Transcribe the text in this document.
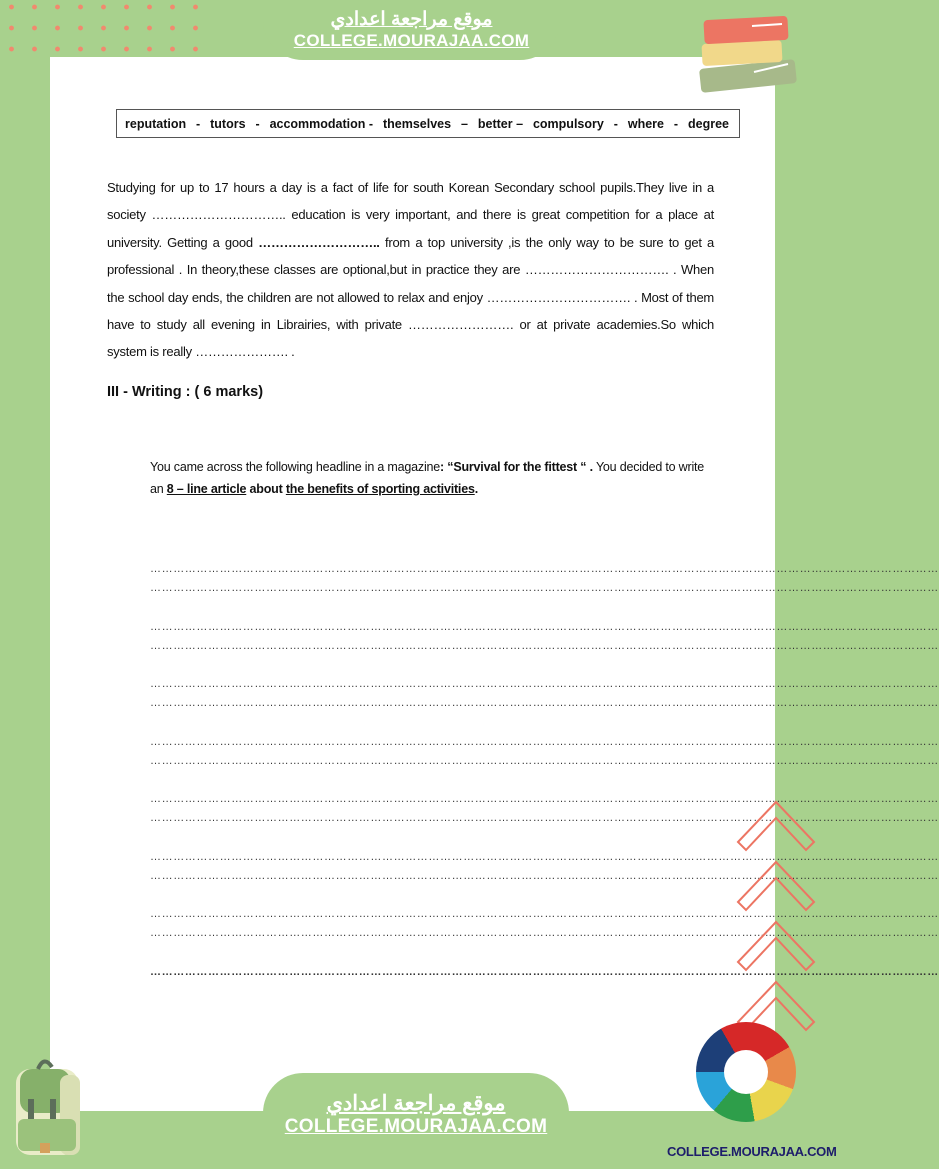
موقع مراجعة اعدادي
COLLEGE.MOURAJAA.COM
reputation - tutors - accommodation - themselves – better – compulsory - where - degree

Studying for up to 17 hours a day is a fact of life for south Korean Secondary school pupils.They live in a society ………………………….. education is very important, and there is great competition for a place at university. Getting a good ……………………….. from a top university ,is the only way to be sure to get a professional . In theory,these classes are optional,but in practice they are ……………………………. . When the school day ends, the children are not allowed to relax and enjoy ……………………………. . Most of them have to study all evening in Librairies, with private ……………………. or at private academies.So which system is really …………………. .

III - Writing : ( 6 marks)

You came across the following headline in a magazine: “Survival for the fittest “ . You decided to write an 8 – line article about the benefits of sporting activities.

……………………………………………………………………………………………………………………………………………………………………………………
……………………………………………………………………………………………………………………………………………………………………………………
……………………………………………………………………………………………………………………………………………………………………………………
……………………………………………………………………………………………………………………………………………………………………………………
……………………………………………………………………………………………………………………………………………………………………………………
……………………………………………………………………………………………………………………………………………………………………………………
……………………………………………………………………………………………………………………………………………………………………………………
……………………………………………………………………………………………………………………………………………………………………………………
……………………………………………………………………………………………………………………………………………………………………………………
……………………………………………………………………………………………………………………………………………………………………………………
……………………………………………………………………………………………………………………………………………………………………………………
……………………………………………………………………………………………………………………………………………………………………………………
……………………………………………………………………………………………………………………………………………………………………………………
……………………………………………………………………………………………………………………………………………………………………………………
……………………………………………………………………………………………………………………………………………………………………………………
موقع مراجعة اعدادي
COLLEGE.MOURAJAA.COM
COLLEGE.MOURAJAA.COM
